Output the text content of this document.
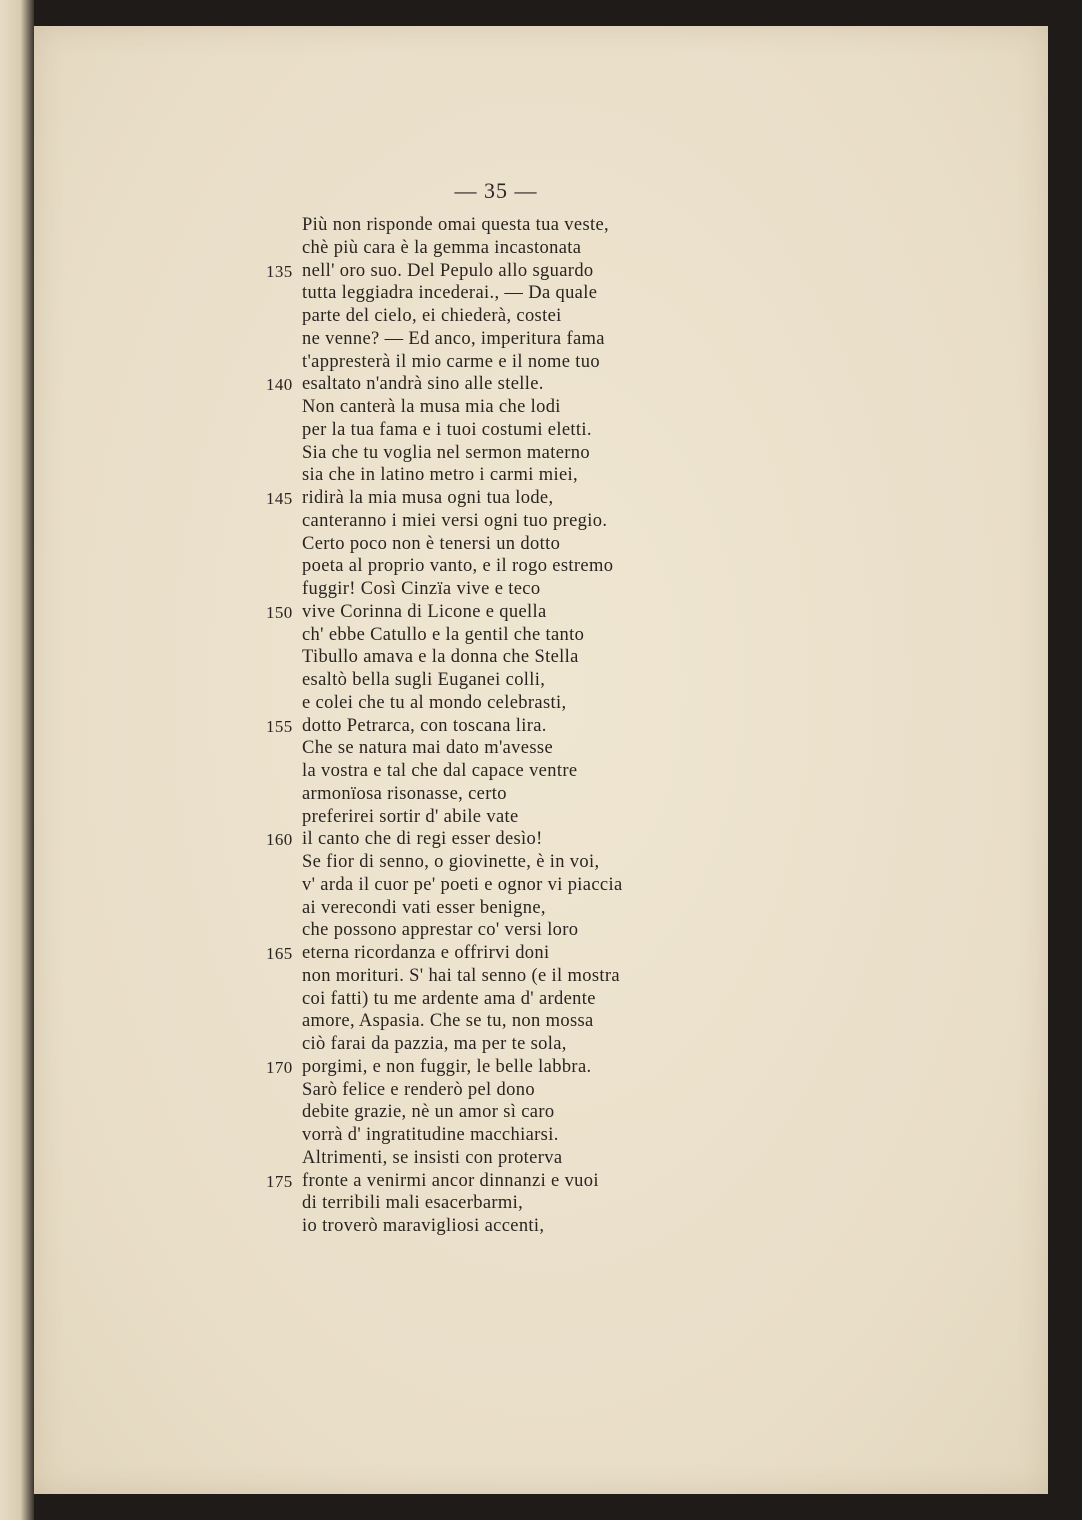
— 35 —
Più non risponde omai questa tua veste,
chè più cara è la gemma incastonata
135 nell' oro suo. Del Pepulo allo sguardo
tutta leggiadra incederai., — Da quale
parte del cielo, ei chiederà, costei
ne venne? — Ed anco, imperitura fama
t'appresterà il mio carme e il nome tuo
140 esaltato n'andrà sino alle stelle.
Non canterà la musa mia che lodi
per la tua fama e i tuoi costumi eletti.
Sia che tu voglia nel sermon materno
sia che in latino metro i carmi miei,
145 ridirà la mia musa ogni tua lode,
canteranno i miei versi ogni tuo pregio.
Certo poco non è tenersi un dotto
poeta al proprio vanto, e il rogo estremo
fuggir! Così Cinzïa vive e teco
150 vive Corinna di Licone e quella
ch' ebbe Catullo e la gentil che tanto
Tibullo amava e la donna che Stella
esaltò bella sugli Euganei colli,
e colei che tu al mondo celebrasti,
155 dotto Petrarca, con toscana lira.
Che se natura mai dato m'avesse
la vostra e tal che dal capace ventre
armonïosa risonasse, certo
preferirei sortir d' abile vate
160 il canto che di regi esser desìo!
Se fior di senno, o giovinette, è in voi,
v' arda il cuor pe' poeti e ognor vi piaccia
ai verecondi vati esser benigne,
che possono apprestar co' versi loro
165 eterna ricordanza e offrirvi doni
non morituri. S' hai tal senno (e il mostra
coi fatti) tu me ardente ama d' ardente
amore, Aspasia. Che se tu, non mossa
ciò farai da pazzia, ma per te sola,
170 porgimi, e non fuggir, le belle labbra.
Sarò felice e renderò pel dono
debite grazie, nè un amor sì caro
vorrà d' ingratitudine macchiarsi.
Altrimenti, se insisti con proterva
175 fronte a venirmi ancor dinnanzi e vuoi
di terribili mali esacerbarmi,
io troverò maravigliosi accenti,
